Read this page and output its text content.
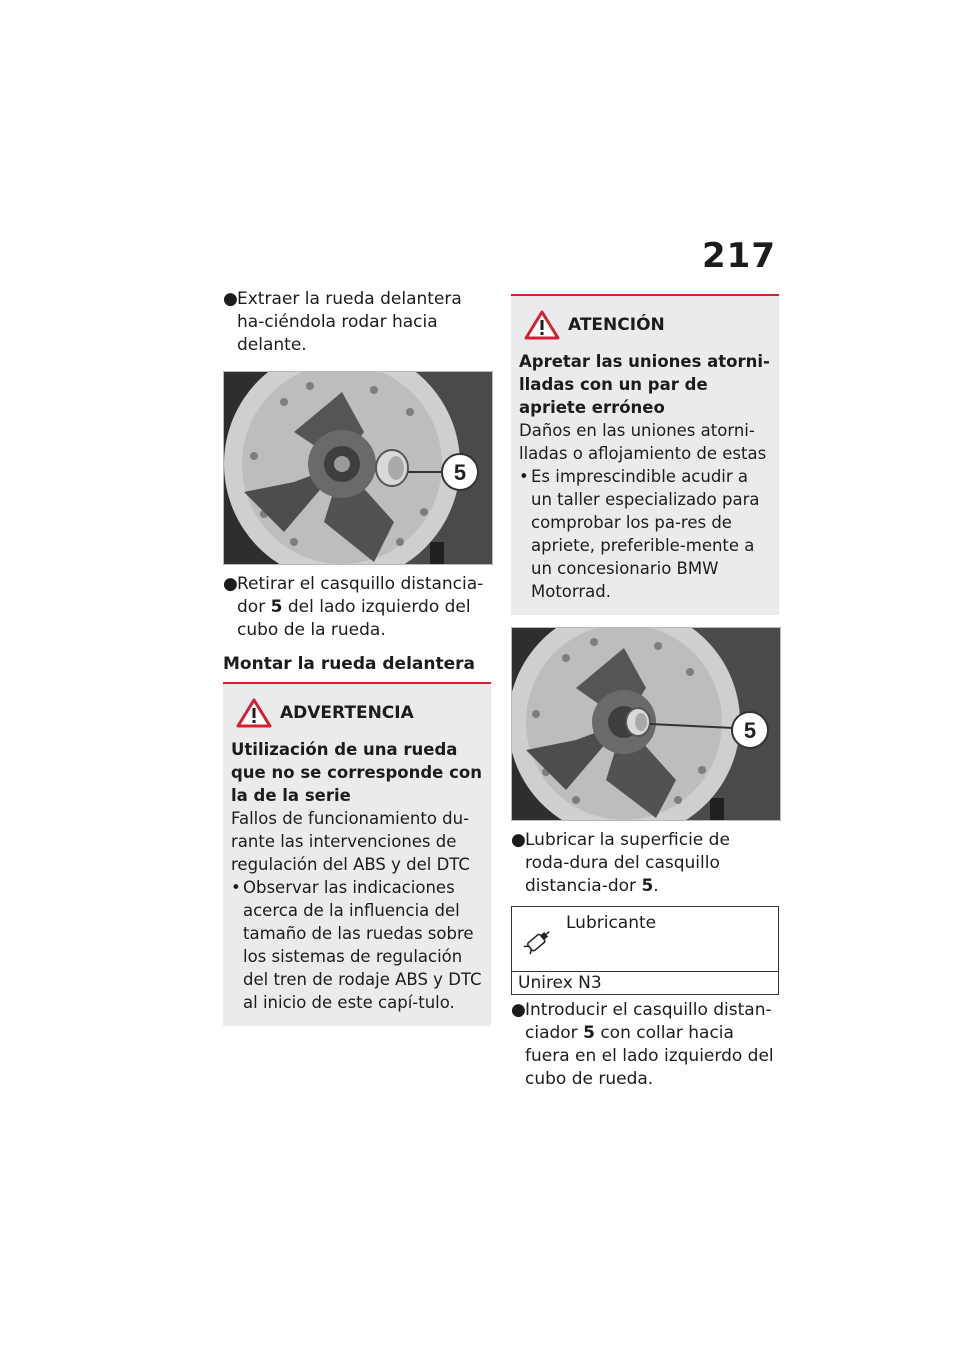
217
● Extraer la rueda delantera ha-ciéndola rodar hacia delante.
5
● Retirar el casquillo distancia-dor 5 del lado izquierdo del cubo de la rueda.
Montar la rueda delantera
ADVERTENCIA
Utilización de una rueda que no se corresponde con la de la serie
Fallos de funcionamiento du-rante las intervenciones de regulación del ABS y del DTC
• Observar las indicaciones acerca de la influencia del tamaño de las ruedas sobre los sistemas de regulación del tren de rodaje ABS y DTC al inicio de este capí-tulo.
ATENCIÓN
Apretar las uniones atorni-lladas con un par de apriete erróneo
Daños en las uniones atorni-lladas o aflojamiento de estas
• Es imprescindible acudir a un taller especializado para comprobar los pa-res de apriete, preferible-mente a un concesionario BMW Motorrad.
5
● Lubricar la superficie de roda-dura del casquillo distancia-dor 5.
Lubricante
Unirex N3
● Introducir el casquillo distan-ciador 5 con collar hacia fuera en el lado izquierdo del cubo de rueda.
